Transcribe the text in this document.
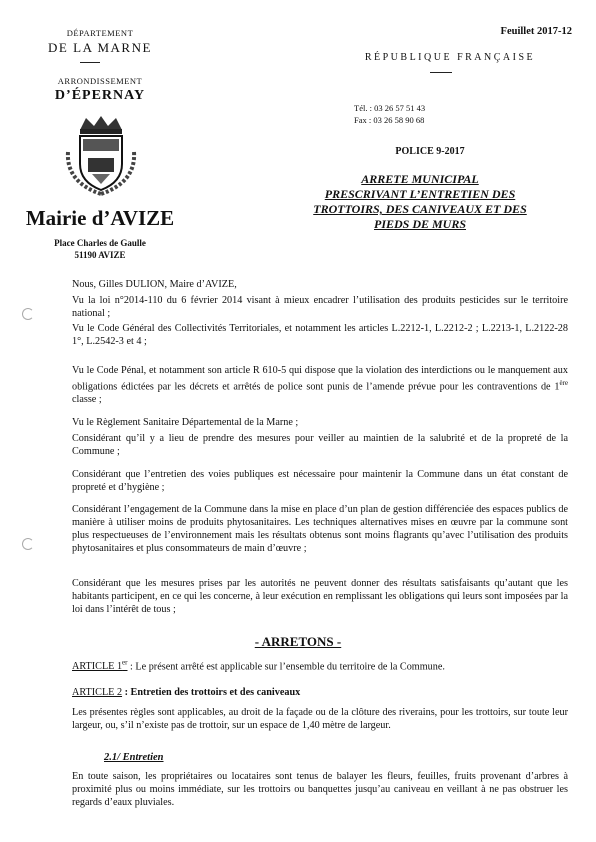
DÉPARTEMENT
DE LA MARNE
ARRONDISSEMENT
D’ÉPERNAY
Mairie d’AVIZE
Place Charles de Gaulle
51190 AVIZE
Feuillet 2017-12
RÉPUBLIQUE FRANÇAISE
Tél. : 03 26 57 51 43
Fax : 03 26 58 90 68
POLICE 9-2017
ARRETE MUNICIPAL
PRESCRIVANT L’ENTRETIEN DES
TROTTOIRS, DES CANIVEAUX ET DES
PIEDS DE MURS
Nous, Gilles DULION, Maire d’AVIZE,
Vu la loi n°2014-110 du 6 février 2014 visant à mieux encadrer l’utilisation des produits pesticides sur le territoire national ;
Vu le Code Général des Collectivités Territoriales, et notamment les articles L.2212-1, L.2212-2 ; L.2213-1, L.2122-28 1°, L.2542-3 et 4 ;
Vu le Code Pénal, et notamment son article R 610-5 qui dispose que la violation des interdictions ou le manquement aux obligations édictées par les décrets et arrêtés de police sont punis de l’amende prévue pour les contraventions de 1ère classe ;
Vu le Règlement Sanitaire Départemental de la Marne ;
Considérant qu’il y a lieu de prendre des mesures pour veiller au maintien de la salubrité et de la propreté de la Commune ;
Considérant que l’entretien des voies publiques est nécessaire pour maintenir la Commune dans un état constant de propreté et d’hygiène ;
Considérant l’engagement de la Commune dans la mise en place d’un plan de gestion différenciée des espaces publics de manière à utiliser moins de produits phytosanitaires. Les techniques alternatives mises en œuvre par la commune sont plus respectueuses de l’environnement mais les résultats obtenus sont moins flagrants qu’avec l’utilisation des produits phytosanitaires et plus consommateurs de main d’œuvre ;
Considérant que les mesures prises par les autorités ne peuvent donner des résultats satisfaisants qu’autant que les habitants participent, en ce qui les concerne, à leur exécution en remplissant les obligations qui leurs sont imposées par la loi dans l’intérêt de tous ;
- ARRETONS -
ARTICLE 1er : Le présent arrêté est applicable sur l’ensemble du territoire de la Commune.
ARTICLE 2 : Entretien des trottoirs et des caniveaux
Les présentes règles sont applicables, au droit de la façade ou de la clôture des riverains, pour les trottoirs, sur toute leur largeur, ou, s’il n’existe pas de trottoir, sur un espace de 1,40 mètre de largeur.
2.1/ Entretien
En toute saison, les propriétaires ou locataires sont tenus de balayer les fleurs, feuilles, fruits provenant d’arbres à proximité plus ou moins immédiate, sur les trottoirs ou banquettes jusqu’au caniveau en veillant à ne pas obstruer les regards d’eaux pluviales.
